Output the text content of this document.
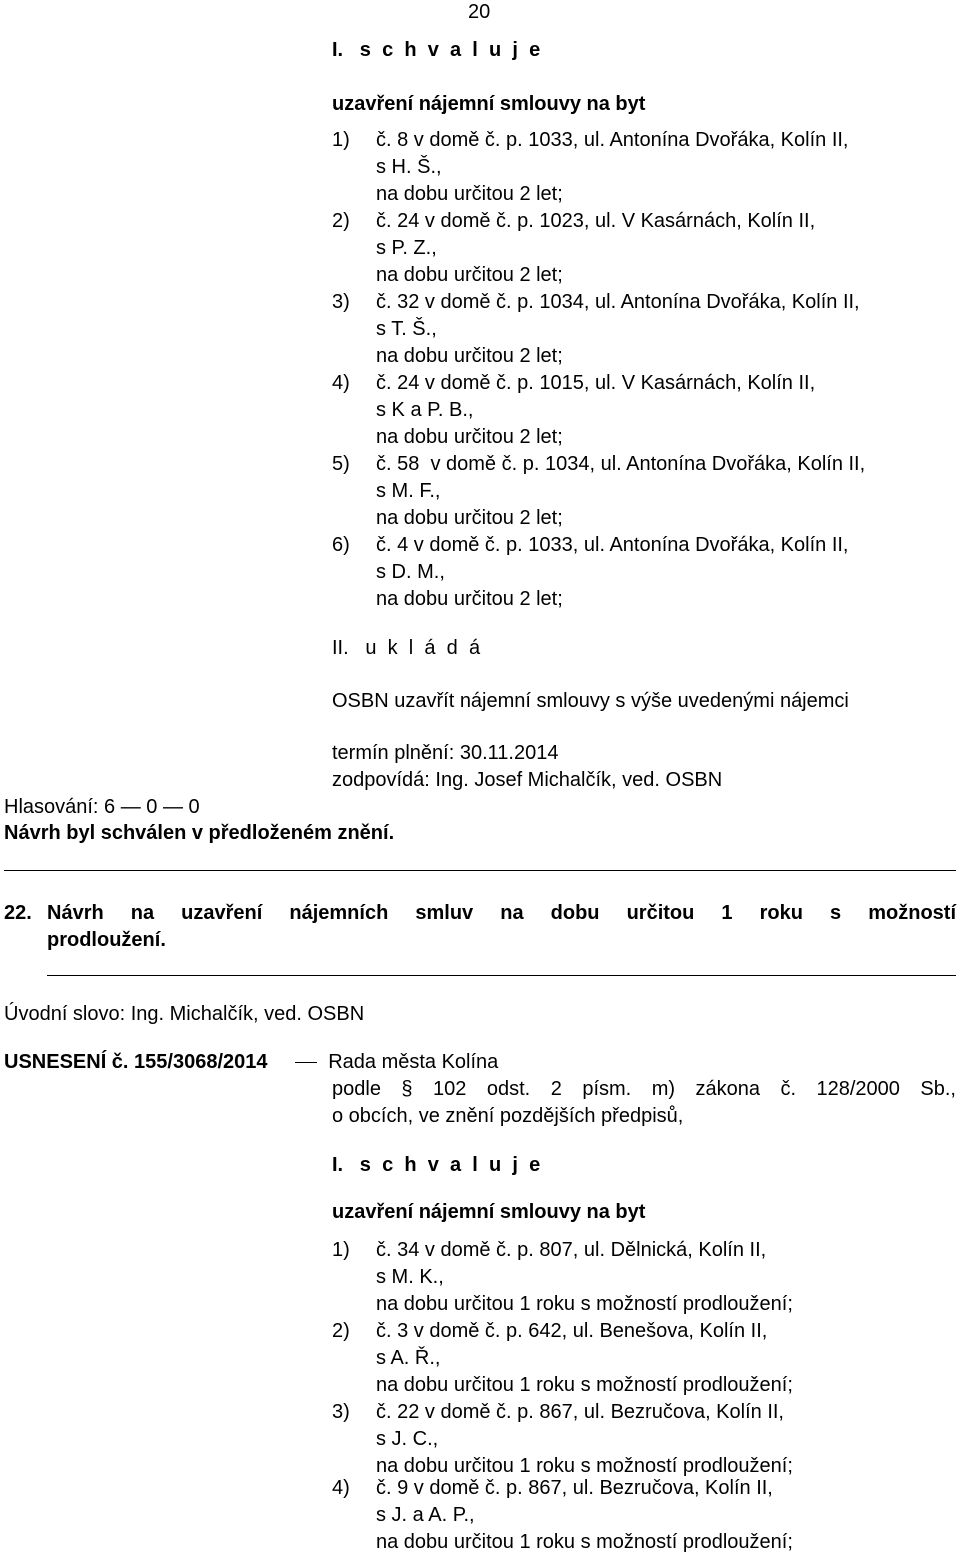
20
I. s c h v a l u j e
uzavření nájemní smlouvy na byt
1) č. 8 v domě č. p. 1033, ul. Antonína Dvořáka, Kolín II,
s H. Š.,
na dobu určitou 2 let;
2) č. 24 v domě č. p. 1023, ul. V Kasárnách, Kolín II,
s P. Z.,
na dobu určitou 2 let;
3) č. 32 v domě č. p. 1034, ul. Antonína Dvořáka, Kolín II,
s T. Š.,
na dobu určitou 2 let;
4) č. 24 v domě č. p. 1015, ul. V Kasárnách, Kolín II,
s K a P. B.,
na dobu určitou 2 let;
5) č. 58  v domě č. p. 1034, ul. Antonína Dvořáka, Kolín II,
s M. F.,
na dobu určitou 2 let;
6) č. 4 v domě č. p. 1033, ul. Antonína Dvořáka, Kolín II,
s D. M.,
na dobu určitou 2 let;
II. u k l á d á
OSBN uzavřít nájemní smlouvy s výše uvedenými nájemci
termín plnění: 30.11.2014
zodpovídá: Ing. Josef Michalčík, ved. OSBN
Hlasování: 6 — 0 — 0
Návrh byl schválen v předloženém znění.
22. Návrh na uzavření nájemních smluv na dobu určitou 1 roku s možností
prodloužení.
Úvodní slovo: Ing. Michalčík, ved. OSBN
USNESENÍ č. 155/3068/2014	Rada města Kolína
podle § 102 odst. 2 písm. m) zákona č. 128/2000 Sb.,
o obcích, ve znění pozdějších předpisů,
I. s c h v a l u j e
uzavření nájemní smlouvy na byt
1) č. 34 v domě č. p. 807, ul. Dělnická, Kolín II,
s M. K.,
na dobu určitou 1 roku s možností prodloužení;
2) č. 3 v domě č. p. 642, ul. Benešova, Kolín II,
s A. Ř.,
na dobu určitou 1 roku s možností prodloužení;
3) č. 22 v domě č. p. 867, ul. Bezručova, Kolín II,
s J. C.,
na dobu určitou 1 roku s možností prodloužení;
4) č. 9 v domě č. p. 867, ul. Bezručova, Kolín II,
s J. a A. P.,
na dobu určitou 1 roku s možností prodloužení;
